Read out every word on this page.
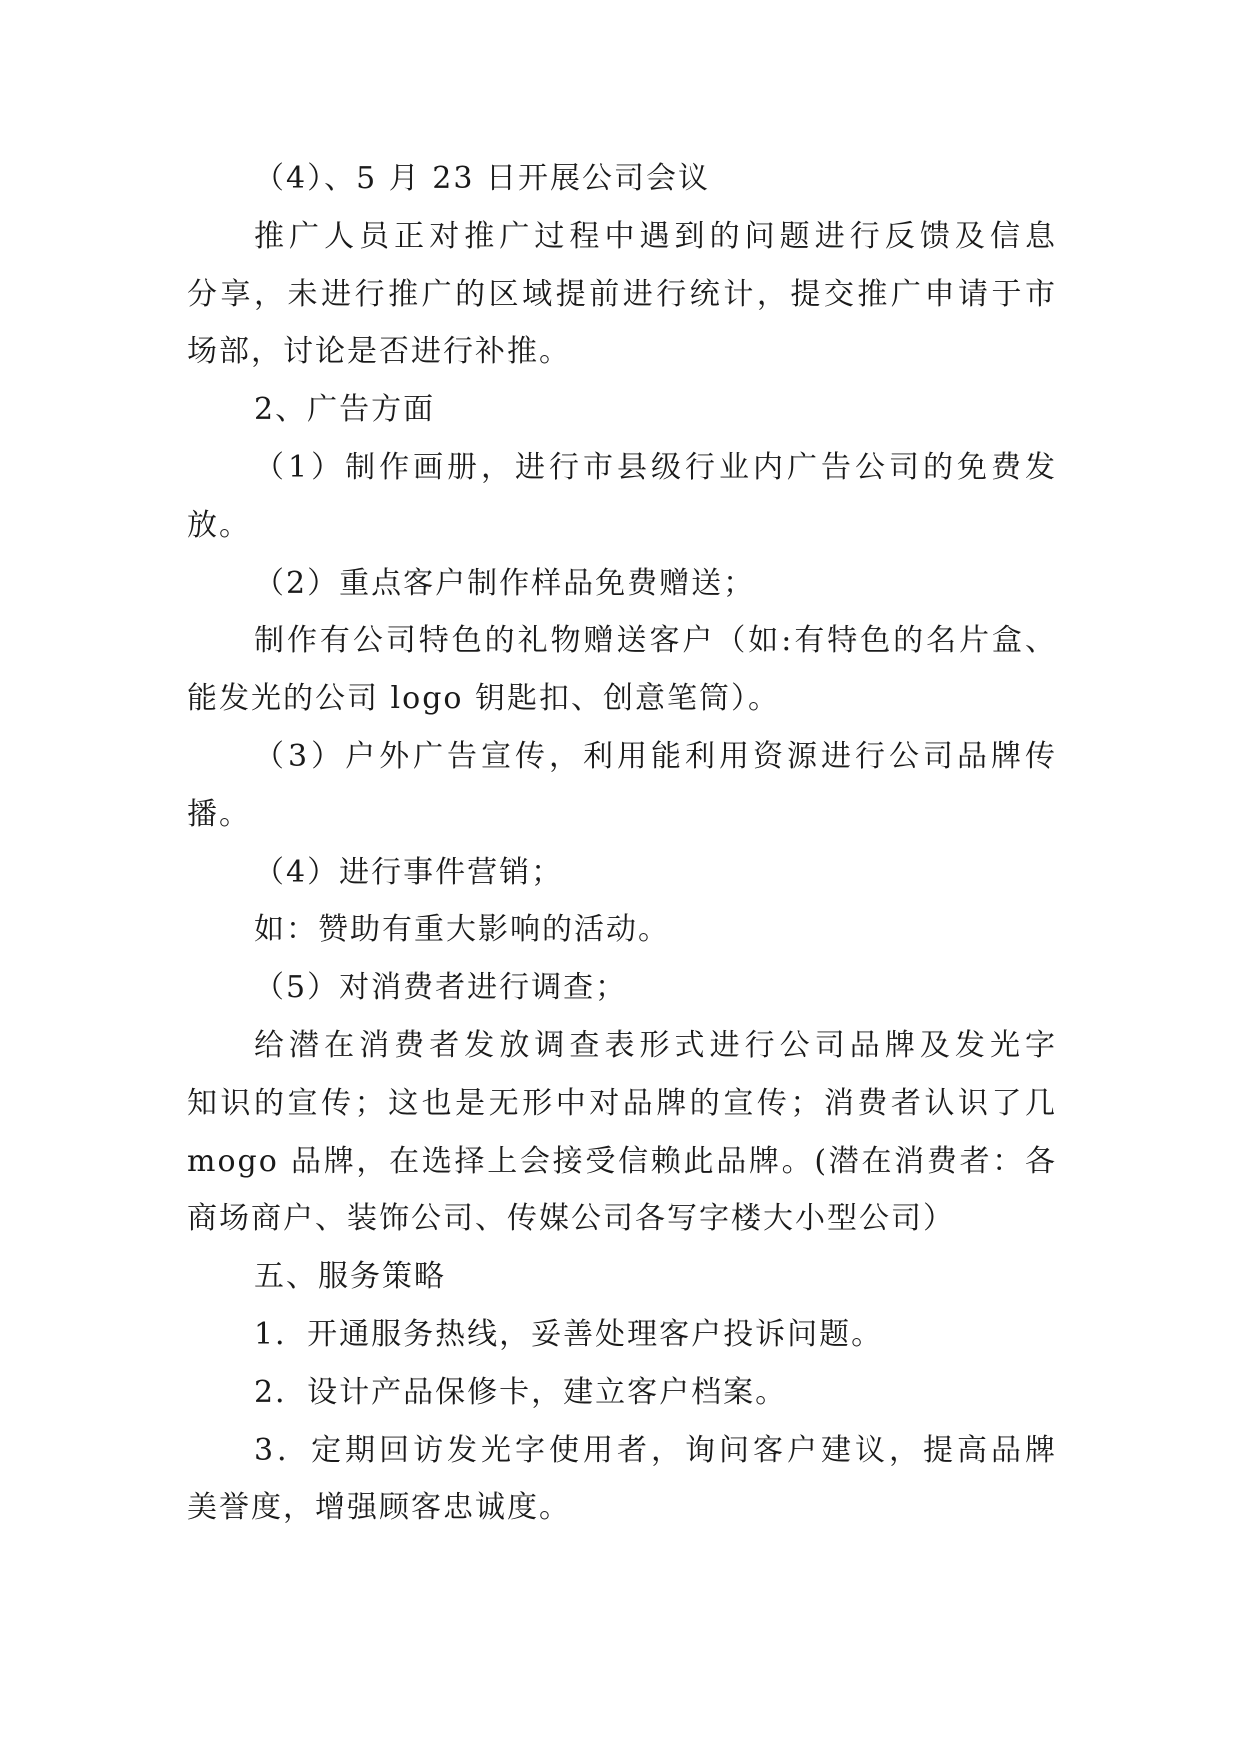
（4）、5 月 23 日开展公司会议
推广人员正对推广过程中遇到的问题进行反馈及信息
分享，未进行推广的区域提前进行统计，提交推广申请于市
场部，讨论是否进行补推。
2、广告方面
（1）制作画册，进行市县级行业内广告公司的免费发
放。
（2）重点客户制作样品免费赠送；
制作有公司特色的礼物赠送客户（如:有特色的名片盒、
能发光的公司 logo 钥匙扣、创意笔筒）。
（3）户外广告宣传，利用能利用资源进行公司品牌传
播。
（4）进行事件营销；
如：赞助有重大影响的活动。
（5）对消费者进行调查；
给潜在消费者发放调查表形式进行公司品牌及发光字
知识的宣传；这也是无形中对品牌的宣传；消费者认识了几
mogo 品牌，在选择上会接受信赖此品牌。(潜在消费者：各
商场商户、装饰公司、传媒公司各写字楼大小型公司）
五、服务策略
1．开通服务热线，妥善处理客户投诉问题。
2．设计产品保修卡，建立客户档案。
3．定期回访发光字使用者，询问客户建议，提高品牌
美誉度，增强顾客忠诚度。
